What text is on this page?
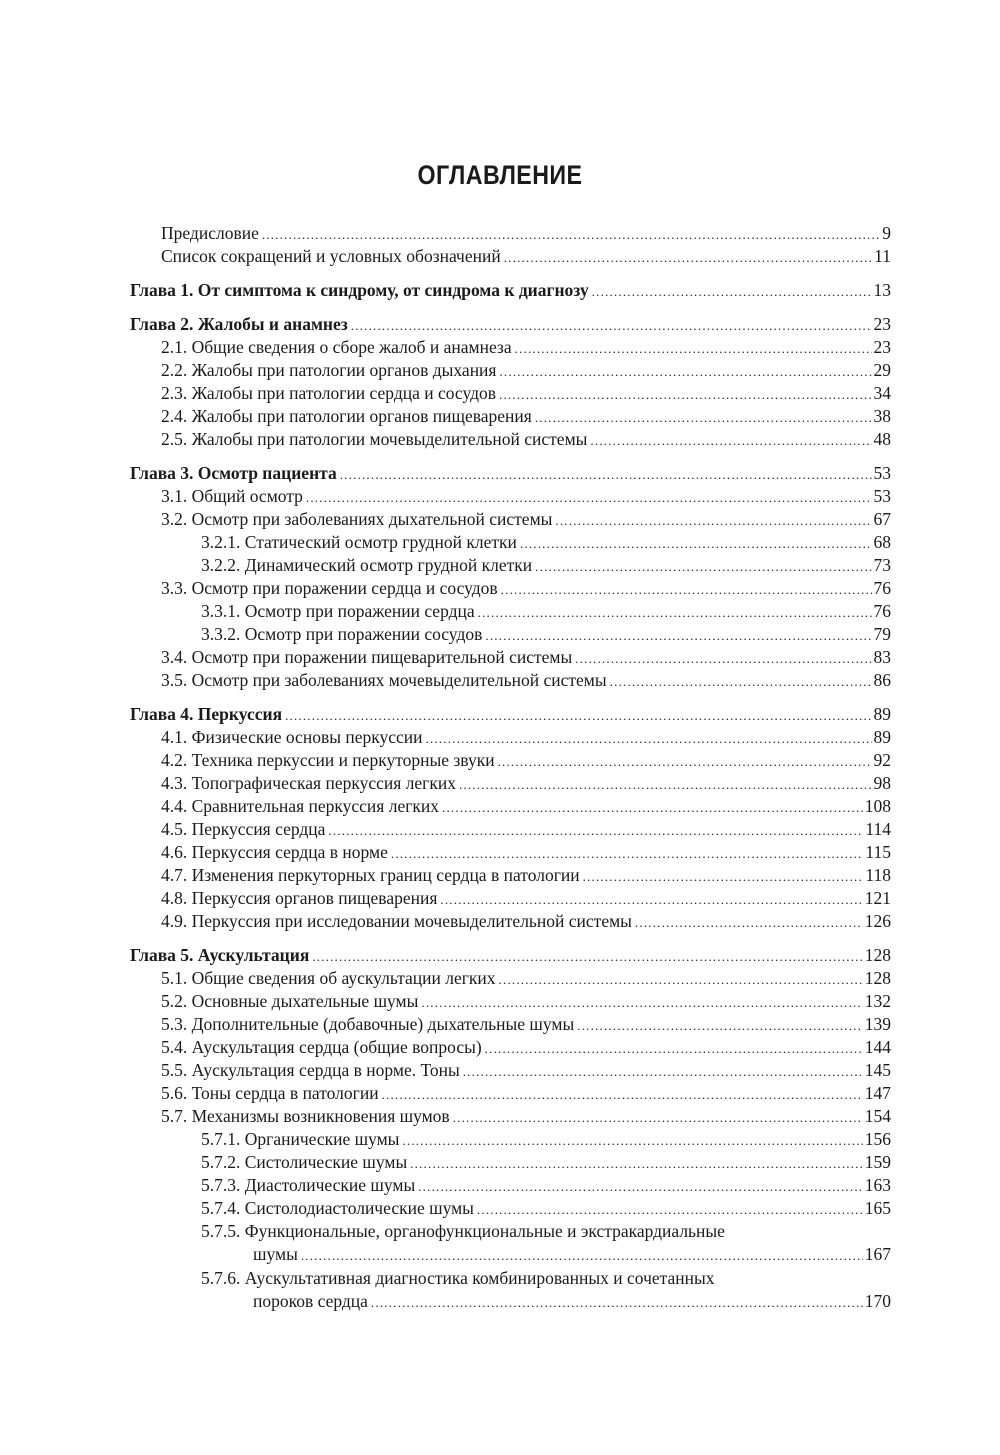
ОГЛАВЛЕНИЕ
Предисловие .....	9
Список сокращений и условных обозначений .....	11
Глава 1. От симптома к синдрому, от синдрома к диагнозу .....	13
Глава 2. Жалобы и анамнез .....	23
2.1. Общие сведения о сборе жалоб и анамнеза .....	23
2.2. Жалобы при патологии органов дыхания .....	29
2.3. Жалобы при патологии сердца и сосудов .....	34
2.4. Жалобы при патологии органов пищеварения .....	38
2.5. Жалобы при патологии мочевыделительной системы .....	48
Глава 3. Осмотр пациента .....	53
3.1. Общий осмотр .....	53
3.2. Осмотр при заболеваниях дыхательной системы .....	67
3.2.1. Статический осмотр грудной клетки .....	68
3.2.2. Динамический осмотр грудной клетки .....	73
3.3. Осмотр при поражении сердца и сосудов .....	76
3.3.1. Осмотр при поражении сердца .....	76
3.3.2. Осмотр при поражении сосудов .....	79
3.4. Осмотр при поражении пищеварительной системы .....	83
3.5. Осмотр при заболеваниях мочевыделительной системы .....	86
Глава 4. Перкуссия .....	89
4.1. Физические основы перкуссии .....	89
4.2. Техника перкуссии и перкуторные звуки .....	92
4.3. Топографическая перкуссия легких .....	98
4.4. Сравнительная перкуссия легких .....	108
4.5. Перкуссия сердца .....	114
4.6. Перкуссия сердца в норме .....	115
4.7. Изменения перкуторных границ сердца в патологии .....	118
4.8. Перкуссия органов пищеварения .....	121
4.9. Перкуссия при исследовании мочевыделительной системы .....	126
Глава 5. Аускультация .....	128
5.1. Общие сведения об аускультации легких .....	128
5.2. Основные дыхательные шумы .....	132
5.3. Дополнительные (добавочные) дыхательные шумы .....	139
5.4. Аускультация сердца (общие вопросы) .....	144
5.5. Аускультация сердца в норме. Тоны .....	145
5.6. Тоны сердца в патологии .....	147
5.7. Механизмы возникновения шумов .....	154
5.7.1. Органические шумы .....	156
5.7.2. Систолические шумы .....	159
5.7.3. Диастолические шумы .....	163
5.7.4. Систолодиастолические шумы .....	165
5.7.5. Функциональные, органофункциональные и экстракардиальные
шумы .....	167
5.7.6. Аускультативная диагностика комбинированных и сочетанных
пороков сердца .....	170
